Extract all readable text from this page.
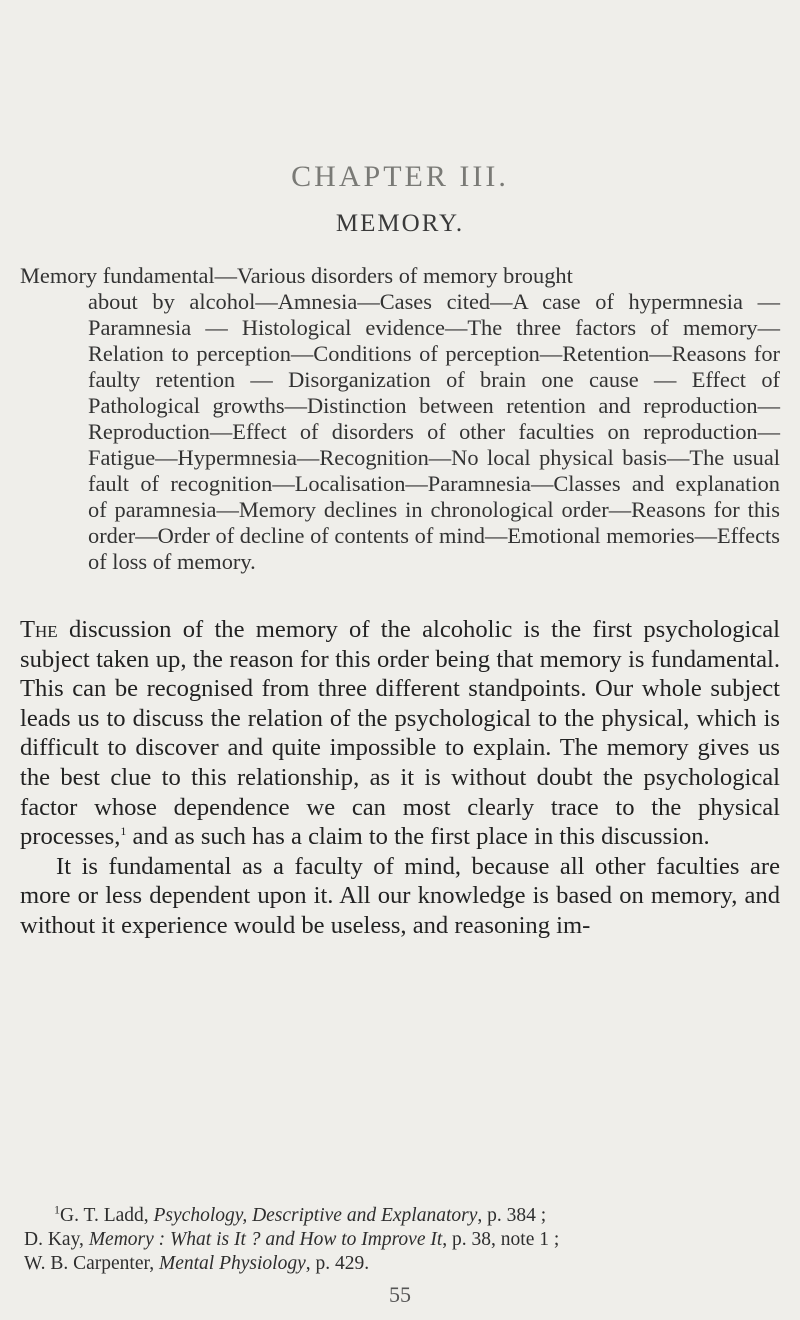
CHAPTER III.
MEMORY.

Memory fundamental—Various disorders of memory brought
about by alcohol—Amnesia—Cases cited—A case of hypermnesia — Paramnesia — Histological evidence—The three factors of memory—Relation to perception—Conditions of perception—Retention—Reasons for faulty retention — Disorganization of brain one cause — Effect of Pathological growths—Distinction between retention and reproduction—Reproduction—Effect of disorders of other faculties on reproduction—Fatigue—Hypermnesia—Recognition—No local physical basis—The usual fault of recognition—Localisation—Paramnesia—Classes and explanation of paramnesia—Memory declines in chronological order—Reasons for this order—Order of decline of contents of mind—Emotional memories—Effects of loss of memory.

The discussion of the memory of the alcoholic is the first psychological subject taken up, the reason for this order being that memory is fundamental. This can be recognised from three different standpoints. Our whole subject leads us to discuss the relation of the psychological to the physical, which is difficult to discover and quite impossible to explain. The memory gives us the best clue to this relationship, as it is without doubt the psychological factor whose dependence we can most clearly trace to the physical processes,$^1$ and as such has a claim to the first place in this discussion.

It is fundamental as a faculty of mind, because all other faculties are more or less dependent upon it. All our knowledge is based on memory, and without it experience would be useless, and reasoning im-

$^1$G. T. Ladd, Psychology, Descriptive and Explanatory, p. 384 ;

D. Kay, Memory : What is It ? and How to Improve It, p. 38, note 1 ;

W. B. Carpenter, Mental Physiology, p. 429.

55
